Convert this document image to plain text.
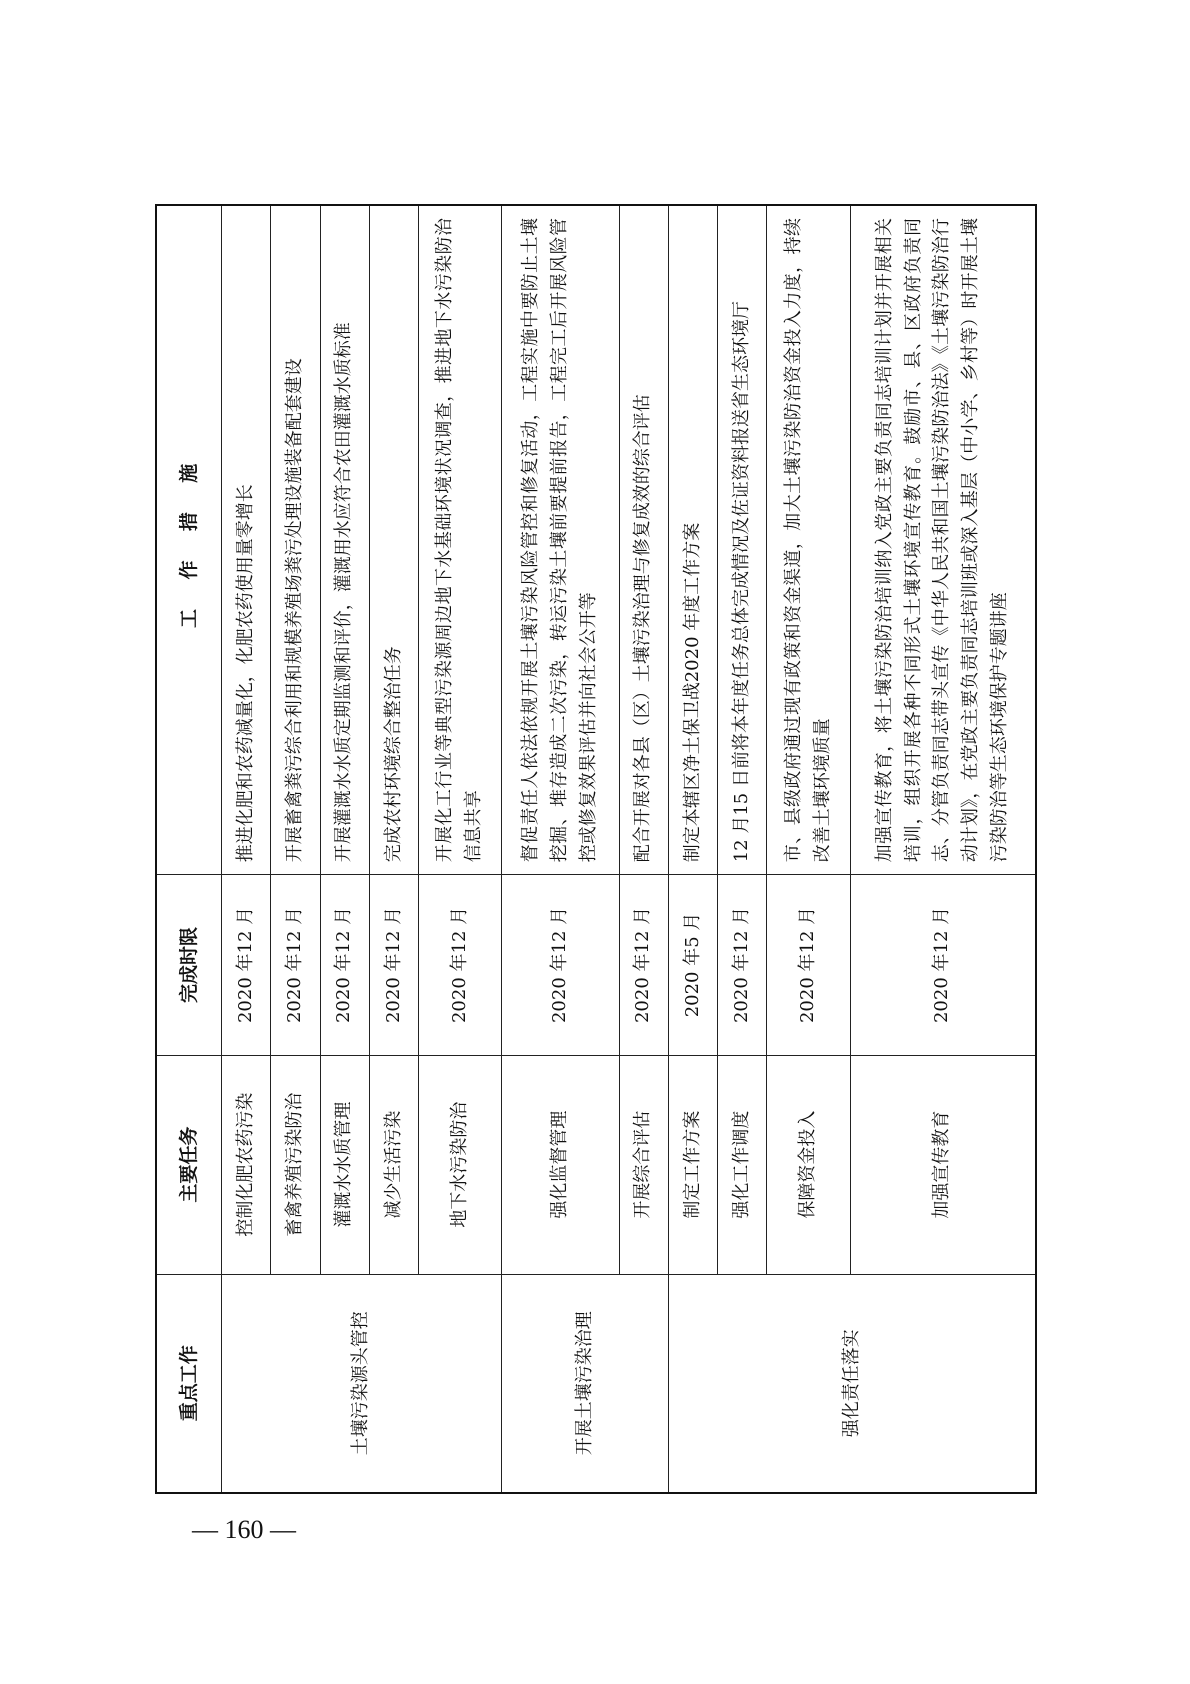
重点工作	主要任务	完成时限	工 作 措 施
土壤污染源头管控	控制化肥农药污染	2020 年12 月	推进化肥和农药减量化，化肥农药使用量零增长
	畜禽养殖污染防治	2020 年12 月	开展畜禽粪污综合利用和规模养殖场粪污处理设施装备配套建设
	灌溉水水质管理	2020 年12 月	开展灌溉水水质定期监测和评价，灌溉用水应符合农田灌溉水质标准
	减少生活污染	2020 年12 月	完成农村环境综合整治任务
	地下水污染防治	2020 年12 月	开展化工行业等典型污染源周边地下水基础环境状况调查，推进地下水污染防治信息共享
开展土壤污染治理	强化监督管理	2020 年12 月	督促责任人依法依规开展土壤污染风险管控和修复活动，工程实施中要防止土壤挖掘、堆存造成二次污染，转运污染土壤前要提前报告，工程完工后开展风险管控或修复效果评估并向社会公开等
	开展综合评估	2020 年12 月	配合开展对各县（区）土壤污染治理与修复成效的综合评估
强化责任落实	制定工作方案	2020 年5 月	制定本辖区净土保卫战2020 年度工作方案
	强化工作调度	2020 年12 月	12 月15 日前将本年度任务总体完成情况及佐证资料报送省生态环境厅
	保障资金投入	2020 年12 月	市、县级政府通过现有政策和资金渠道，加大土壤污染防治资金投入力度，持续改善土壤环境质量
	加强宣传教育	2020 年12 月	加强宣传教育，将土壤污染防治培训纳入党政主要负责同志培训计划并开展相关培训，组织开展各种不同形式土壤环境宣传教育。鼓励市、县、区政府负责同志、分管负责同志带头宣传《中华人民共和国土壤污染防治法》《土壤污染防治行动计划》，在党政主要负责同志培训班或深入基层（中小学、乡村等）时开展土壤污染防治等生态环境保护专题讲座
— 160 —
